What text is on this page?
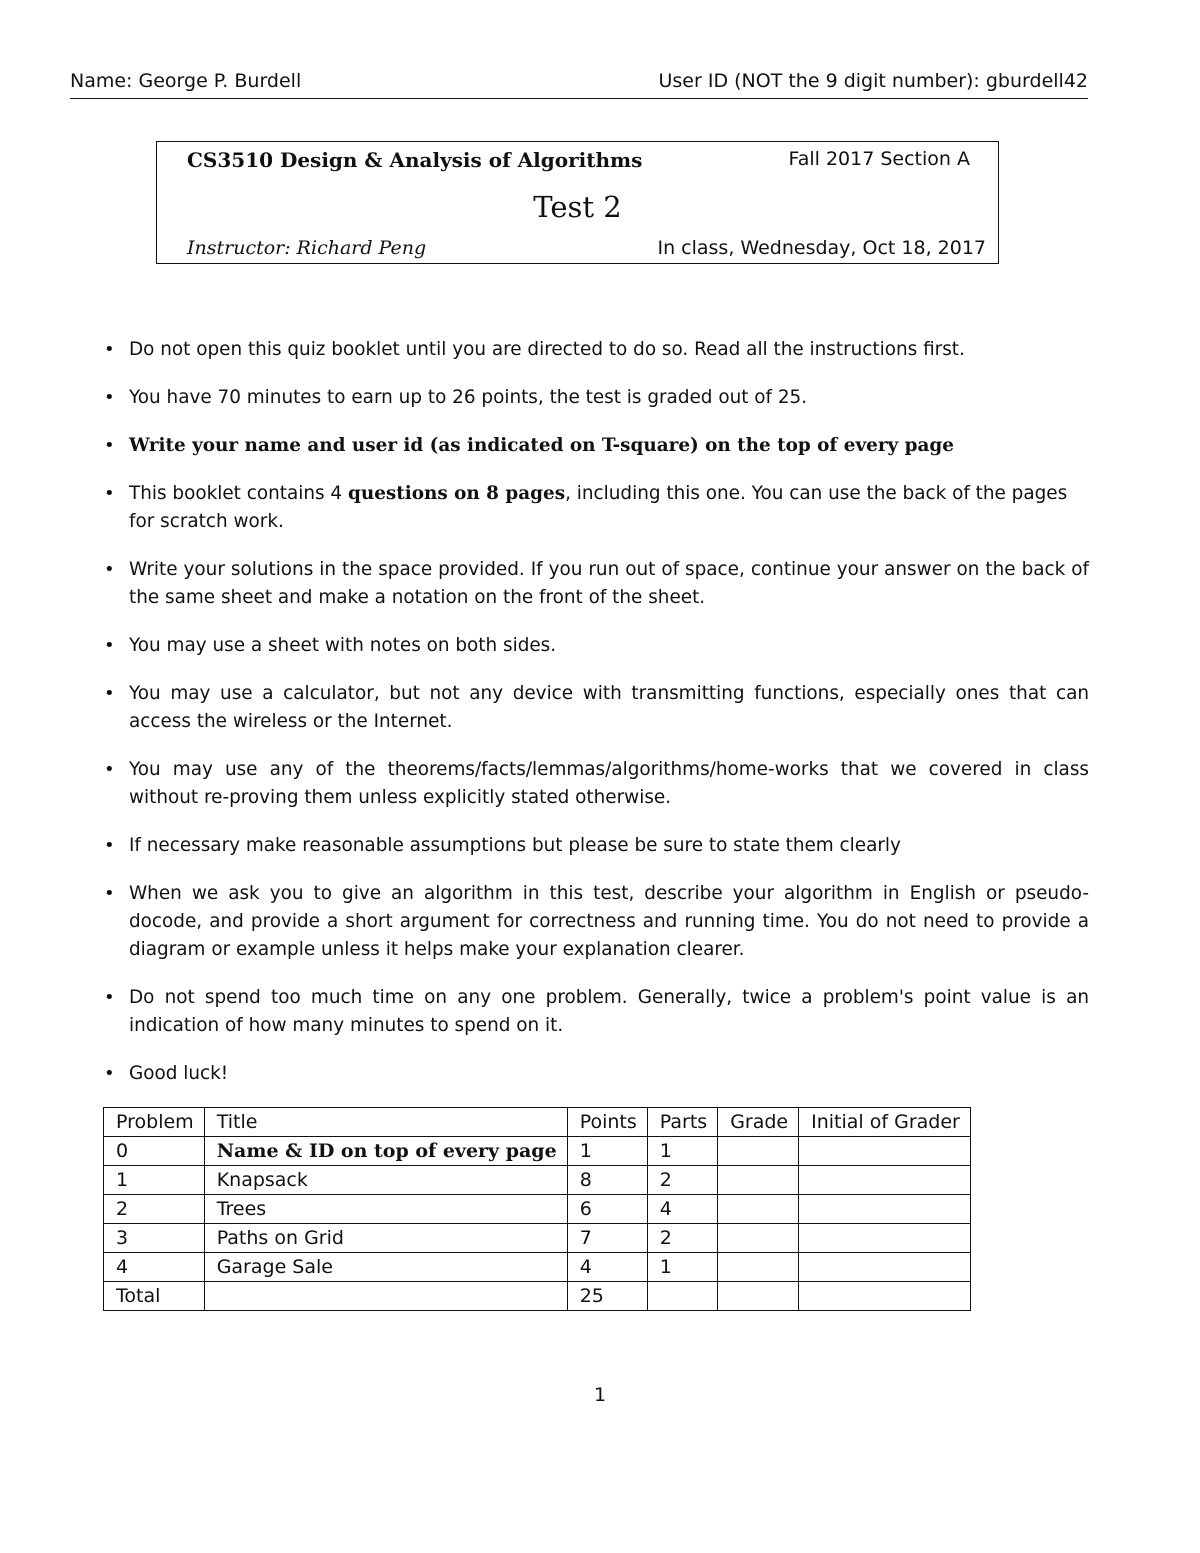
Name: George P. Burdell	User ID (NOT the 9 digit number): gburdell42
CS3510 Design & Analysis of Algorithms	Fall 2017 Section A
Test 2
Instructor: Richard Peng	In class, Wednesday, Oct 18, 2017
• Do not open this quiz booklet until you are directed to do so. Read all the instructions first.
• You have 70 minutes to earn up to 26 points, the test is graded out of 25.
• Write your name and user id (as indicated on T-square) on the top of every page
• This booklet contains 4 questions on 8 pages, including this one. You can use the back of the pages for scratch work.
• Write your solutions in the space provided. If you run out of space, continue your answer on the back of the same sheet and make a notation on the front of the sheet.
• You may use a sheet with notes on both sides.
• You may use a calculator, but not any device with transmitting functions, especially ones that can access the wireless or the Internet.
• You may use any of the theorems/facts/lemmas/algorithms/home-works that we covered in class without re-proving them unless explicitly stated otherwise.
• If necessary make reasonable assumptions but please be sure to state them clearly
• When we ask you to give an algorithm in this test, describe your algorithm in English or pseudo-docode, and provide a short argument for correctness and running time. You do not need to provide a diagram or example unless it helps make your explanation clearer.
• Do not spend too much time on any one problem. Generally, twice a problem's point value is an indication of how many minutes to spend on it.
• Good luck!
Problem	Title	Points	Parts	Grade	Initial of Grader
0	Name & ID on top of every page	1	1		
1	Knapsack	8	2		
2	Trees	6	4		
3	Paths on Grid	7	2		
4	Garage Sale	4	1		
Total		25			
1
